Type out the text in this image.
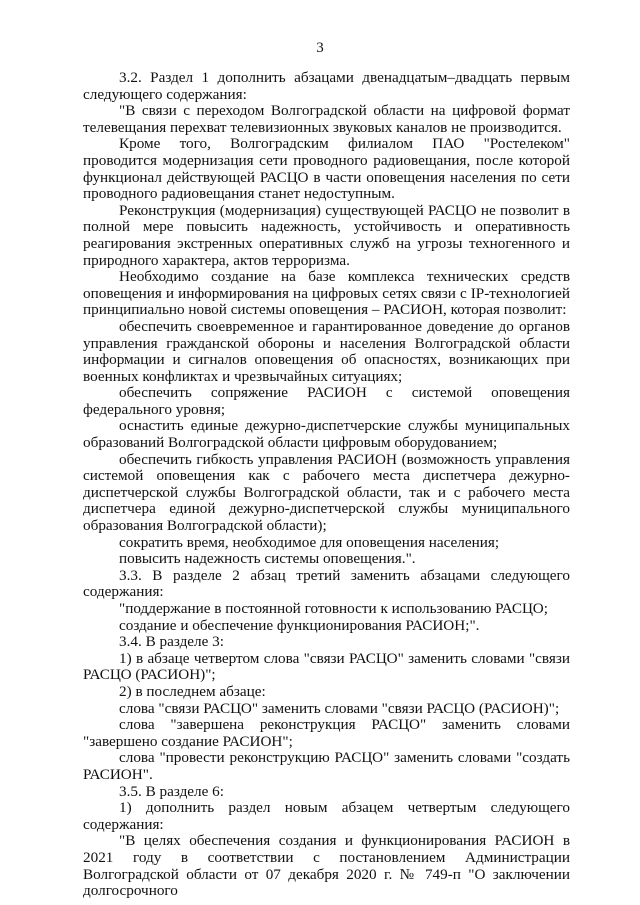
3

3.2. Раздел 1 дополнить абзацами двенадцатым–двадцать первым следующего содержания:

"В связи с переходом Волгоградской области на цифровой формат телевещания перехват телевизионных звуковых каналов не производится.

Кроме того, Волгоградским филиалом ПАО "Ростелеком" проводится модернизация сети проводного радиовещания, после которой функционал действующей РАСЦО в части оповещения населения по сети проводного радиовещания станет недоступным.

Реконструкция (модернизация) существующей РАСЦО не позволит в полной мере повысить надежность, устойчивость и оперативность реагирования экстренных оперативных служб на угрозы техногенного и природного характера, актов терроризма.

Необходимо создание на базе комплекса технических средств оповещения и информирования на цифровых сетях связи с IP-технологией принципиально новой системы оповещения – РАСИОН, которая позволит:

обеспечить своевременное и гарантированное доведение до органов управления гражданской обороны и населения Волгоградской области информации и сигналов оповещения об опасностях, возникающих при военных конфликтах и чрезвычайных ситуациях;

обеспечить сопряжение РАСИОН с системой оповещения федерального уровня;

оснастить единые дежурно-диспетчерские службы муниципальных образований Волгоградской области цифровым оборудованием;

обеспечить гибкость управления РАСИОН (возможность управления системой оповещения как с рабочего места диспетчера дежурно-диспетчерской службы Волгоградской области, так и с рабочего места диспетчера единой дежурно-диспетчерской службы муниципального образования Волгоградской области);

сократить время, необходимое для оповещения населения;

повысить надежность системы оповещения.".

3.3. В разделе 2 абзац третий заменить абзацами следующего содержания:

"поддержание в постоянной готовности к использованию РАСЦО;

создание и обеспечение функционирования РАСИОН;".

3.4. В разделе 3:

1) в абзаце четвертом слова "связи РАСЦО" заменить словами "связи РАСЦО (РАСИОН)";

2) в последнем абзаце:

слова "связи РАСЦО" заменить словами "связи РАСЦО (РАСИОН)";

слова "завершена реконструкция РАСЦО" заменить словами "завершено создание РАСИОН";

слова "провести реконструкцию РАСЦО" заменить словами "создать РАСИОН".

3.5. В разделе 6:

1) дополнить раздел новым абзацем четвертым следующего содержания:

"В целях обеспечения создания и функционирования РАСИОН в 2021 году в соответствии с постановлением Администрации Волгоградской области от 07 декабря 2020 г. № 749-п "О заключении долгосрочного
